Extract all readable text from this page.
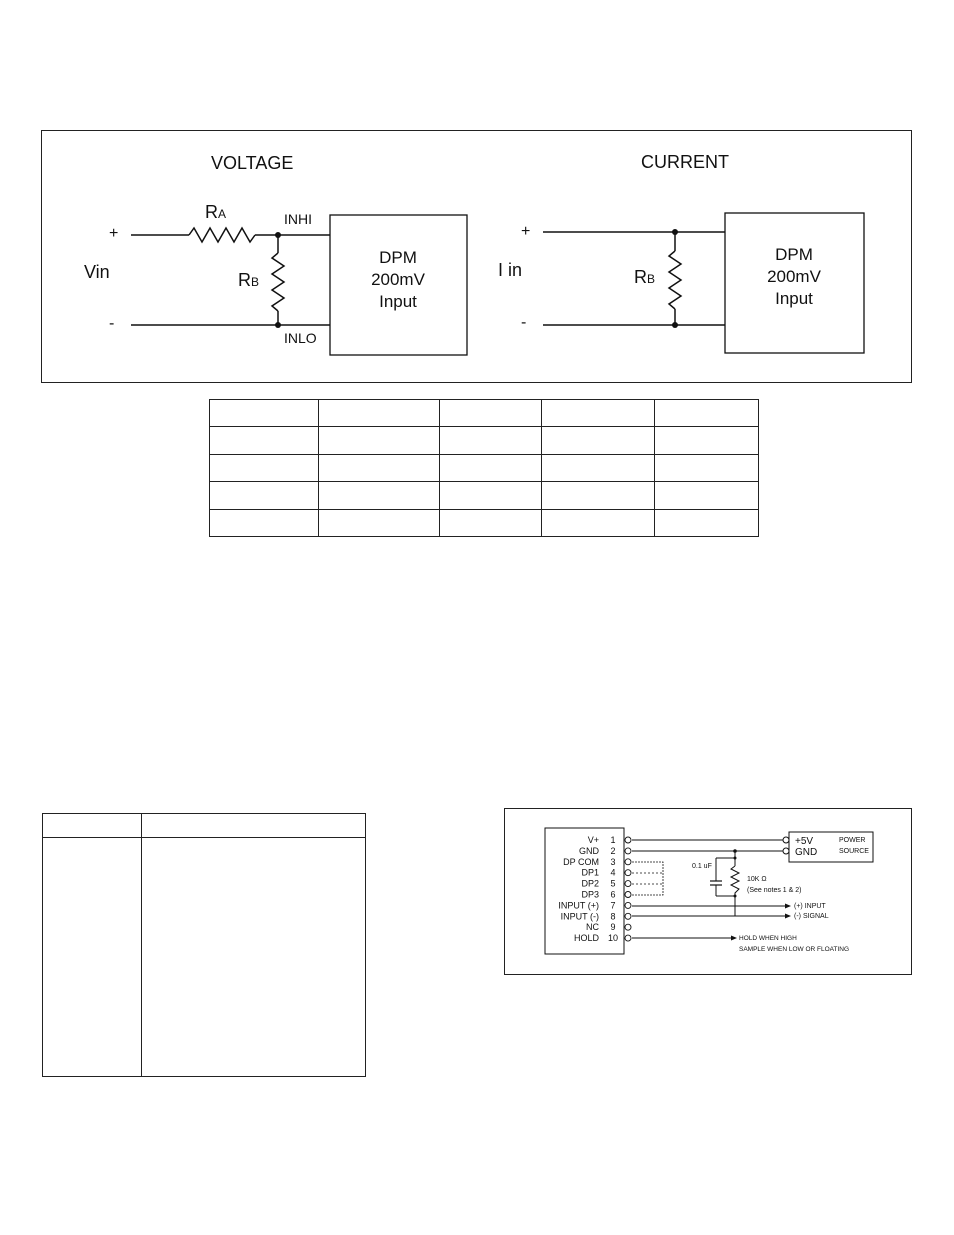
VOLTAGE
+
-
Vin
RA
RB
INHI
INLO
DPM
200mV
Input
CURRENT
+
-
I in	RB
DPM
200mV
Input

V+ 1
GND 2
DP COM 3
DP1 4
DP2 5
DP3 6
INPUT (+) 7
INPUT (-) 8
NC 9
HOLD 10
+5V
GND
POWER
SOURCE
0.1 uF
10K Ω
(See notes 1 & 2)
(+) INPUT
(-) SIGNAL
HOLD WHEN HIGH
SAMPLE WHEN LOW OR FLOATING
